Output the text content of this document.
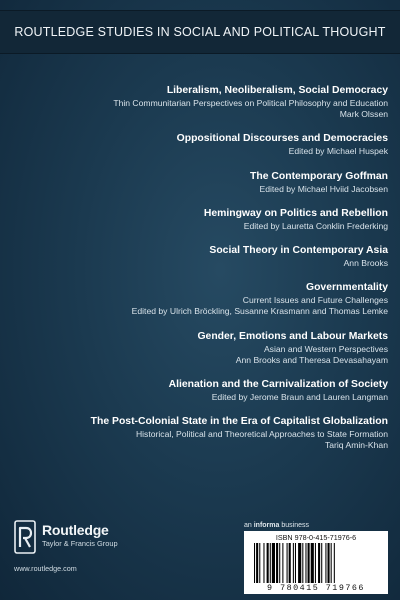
ROUTLEDGE STUDIES IN SOCIAL AND POLITICAL THOUGHT
Liberalism, Neoliberalism, Social Democracy
Thin Communitarian Perspectives on Political Philosophy and Education
Mark Olssen
Oppositional Discourses and Democracies
Edited by Michael Huspek
The Contemporary Goffman
Edited by Michael Hviid Jacobsen
Hemingway on Politics and Rebellion
Edited by Lauretta Conklin Frederking
Social Theory in Contemporary Asia
Ann Brooks
Governmentality
Current Issues and Future Challenges
Edited by Ulrich Bröckling, Susanne Krasmann and Thomas Lemke
Gender, Emotions and Labour Markets
Asian and Western Perspectives
Ann Brooks and Theresa Devasahayam
Alienation and the Carnivalization of Society
Edited by Jerome Braun and Lauren Langman
The Post-Colonial State in the Era of Capitalist Globalization
Historical, Political and Theoretical Approaches to State Formation
Tariq Amin-Khan
Routledge
Taylor & Francis Group
www.routledge.com
an informa business
ISBN 978-0-415-71976-6
9 780415 719766
